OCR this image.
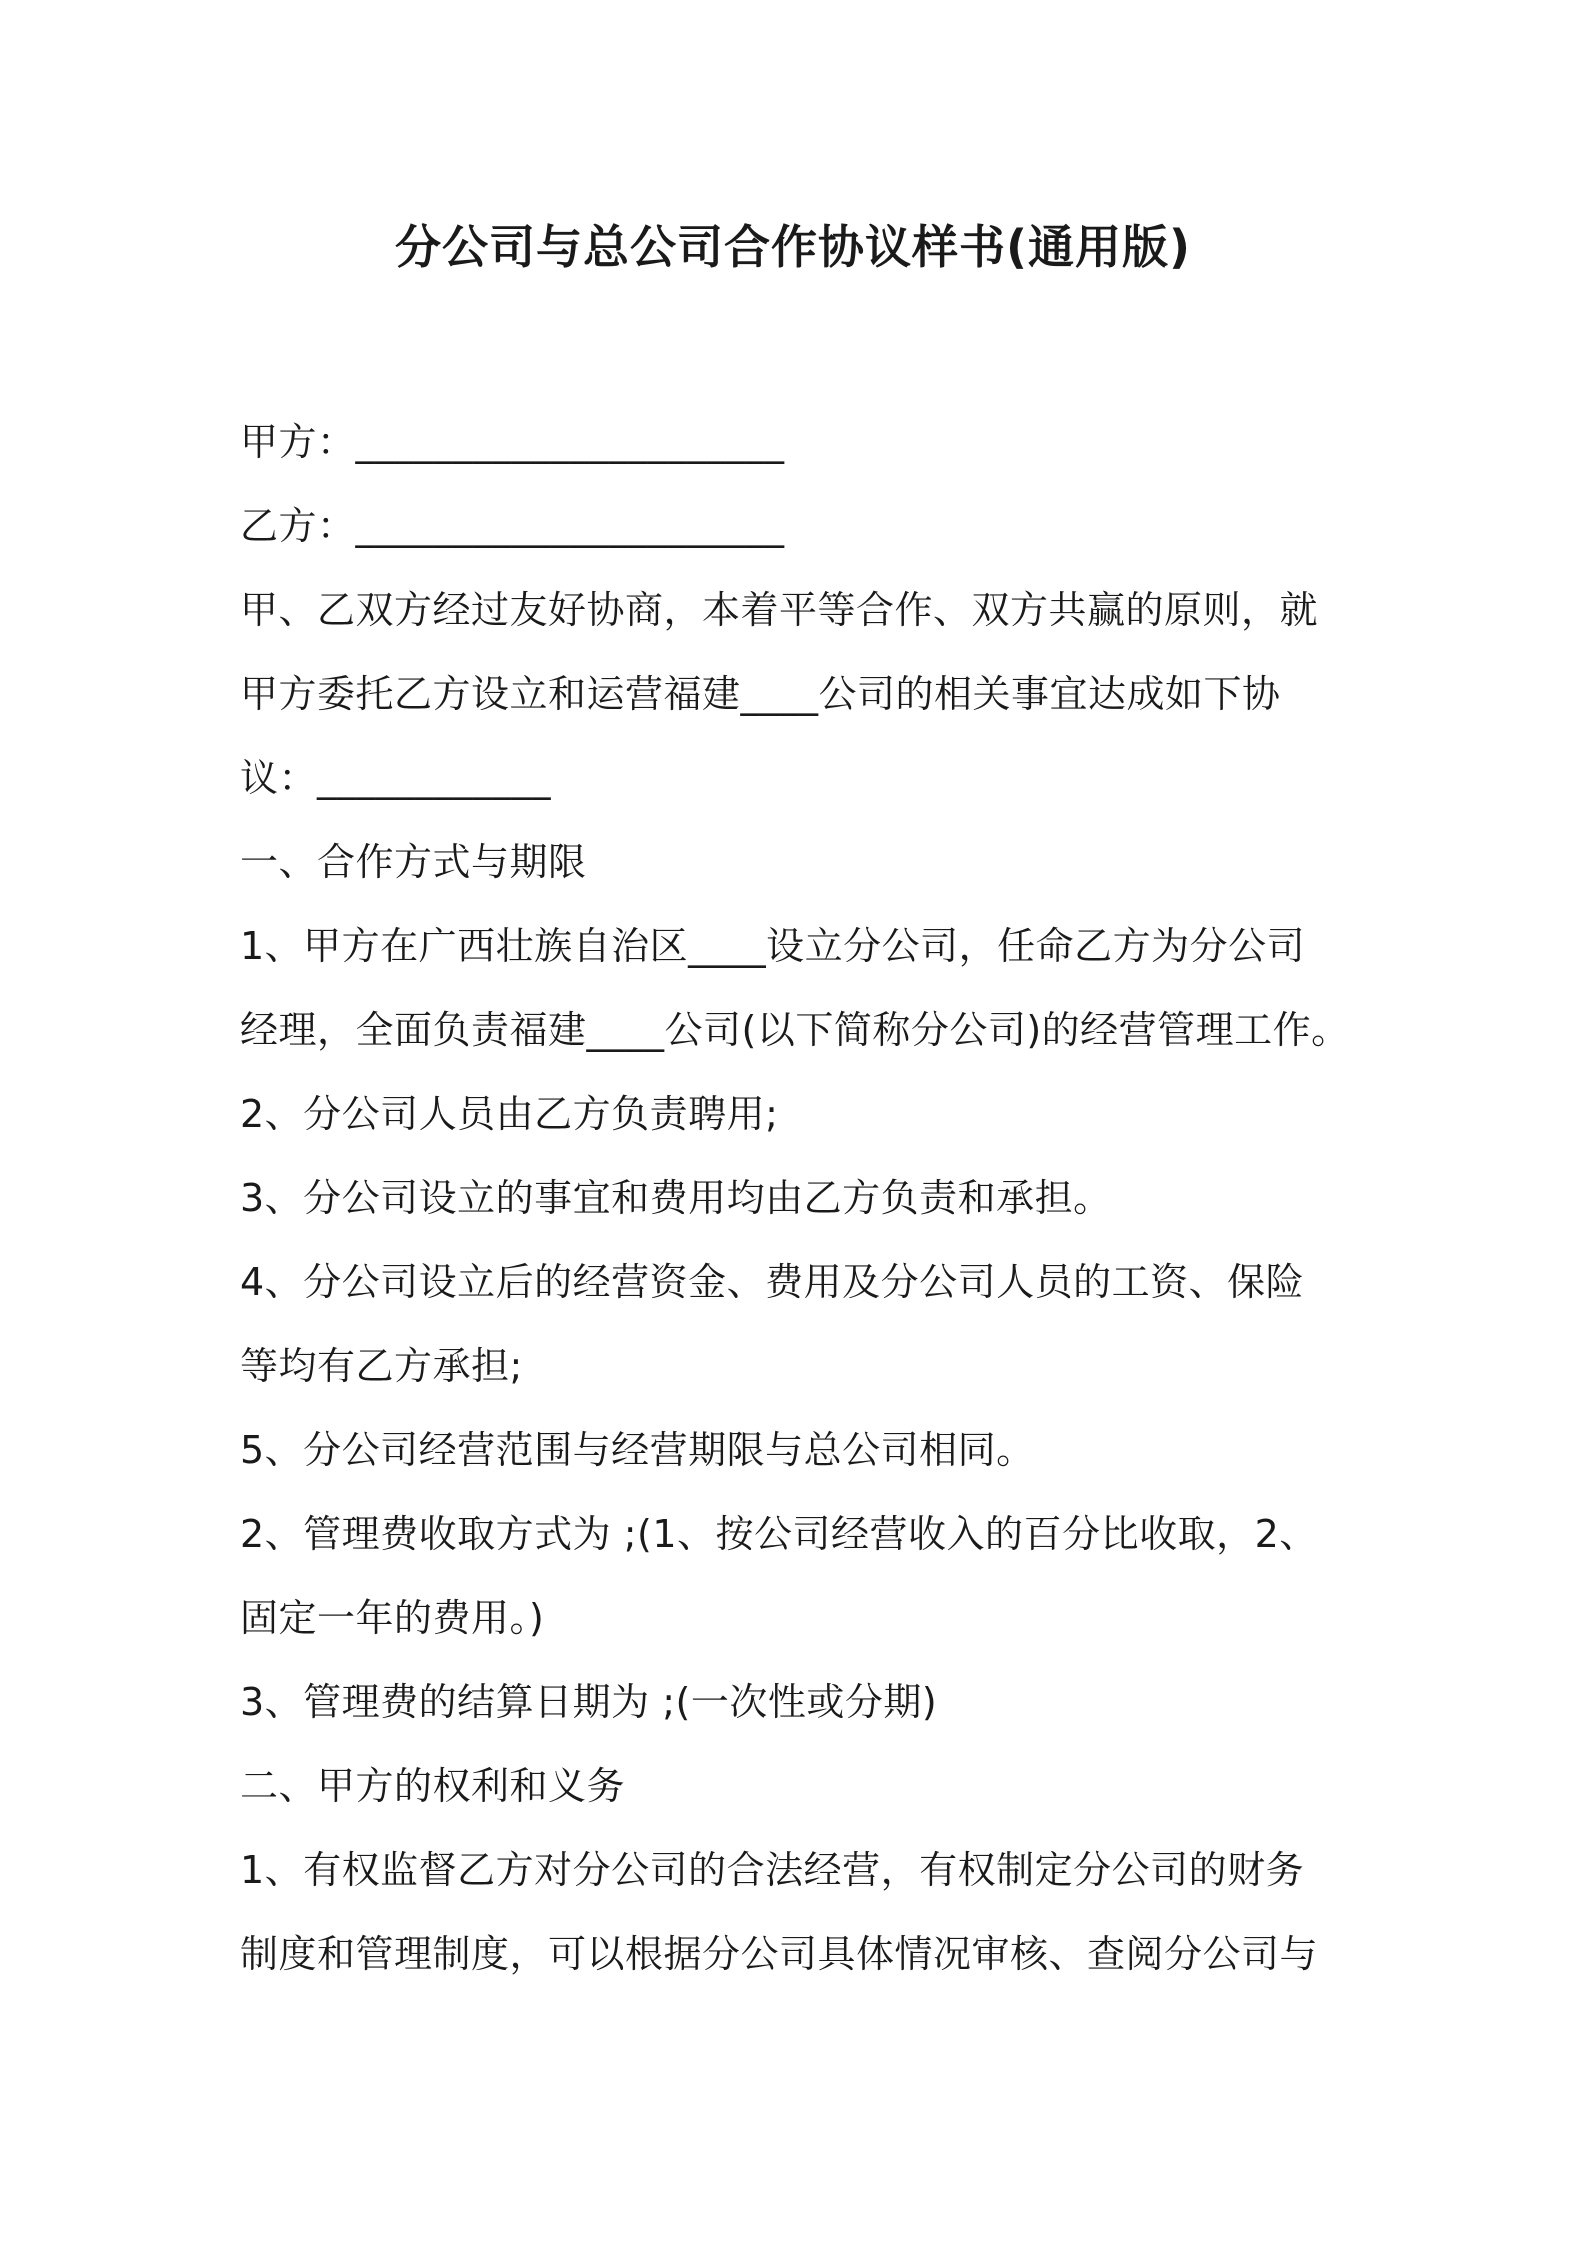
分公司与总公司合作协议样书(通用版)

甲方：______________________

乙方：______________________

甲、乙双方经过友好协商，本着平等合作、双方共赢的原则，就

甲方委托乙方设立和运营福建____公司的相关事宜达成如下协

议：____________

一、合作方式与期限

1、甲方在广西壮族自治区____设立分公司，任命乙方为分公司

经理，全面负责福建____公司(以下简称分公司)的经营管理工作。

2、分公司人员由乙方负责聘用;

3、分公司设立的事宜和费用均由乙方负责和承担。

4、分公司设立后的经营资金、费用及分公司人员的工资、保险

等均有乙方承担;

5、分公司经营范围与经营期限与总公司相同。

2、管理费收取方式为 ;(1、按公司经营收入的百分比收取，2、

固定一年的费用。)

3、管理费的结算日期为 ;(一次性或分期)

二、甲方的权利和义务

1、有权监督乙方对分公司的合法经营，有权制定分公司的财务

制度和管理制度，可以根据分公司具体情况审核、查阅分公司与
